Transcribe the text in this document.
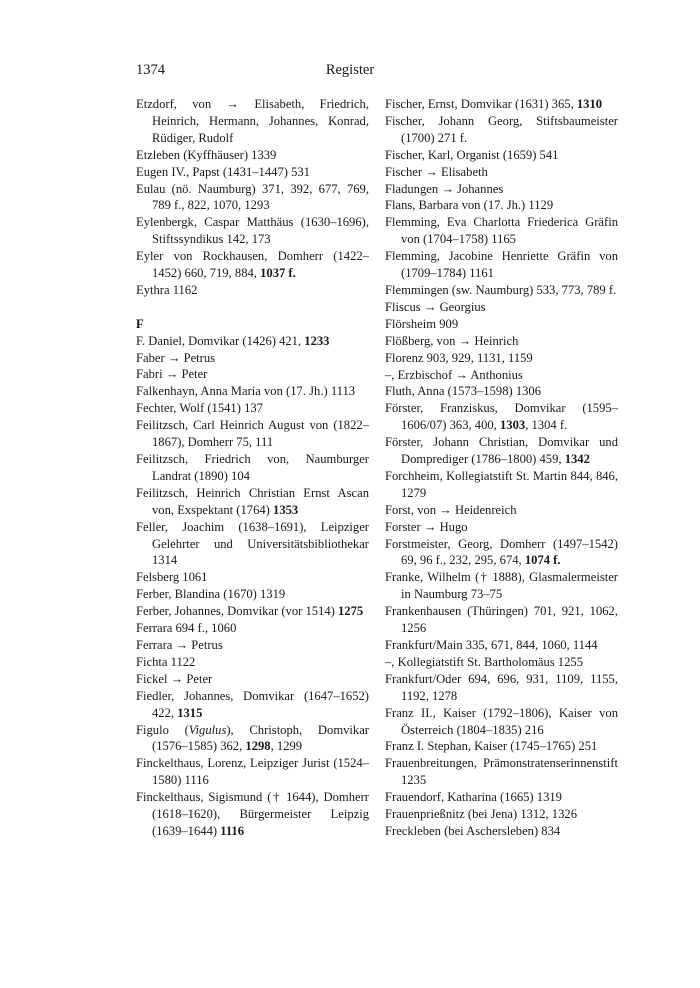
1374	Register
Etzdorf, von → Elisabeth, Friedrich, Heinrich, Hermann, Johannes, Konrad, Rüdiger, Rudolf
Etzleben (Kyffhäuser) 1339
Eugen IV., Papst (1431–1447) 531
Eulau (nö. Naumburg) 371, 392, 677, 769, 789 f., 822, 1070, 1293
Eylenbergk, Caspar Matthäus (1630–1696), Stiftssyndikus 142, 173
Eyler von Rockhausen, Domherr (1422–1452) 660, 719, 884, 1037 f.
Eythra 1162
F
F. Daniel, Domvikar (1426) 421, 1233
Faber → Petrus
Fabri → Peter
Falkenhayn, Anna Maria von (17. Jh.) 1113
Fechter, Wolf (1541) 137
Feilitzsch, Carl Heinrich August von (1822–1867), Domherr 75, 111
Feilitzsch, Friedrich von, Naumburger Landrat (1890) 104
Feilitzsch, Heinrich Christian Ernst Ascan von, Exspektant (1764) 1353
Feller, Joachim (1638–1691), Leipziger Gelehrter und Universitätsbibliothekar 1314
Felsberg 1061
Ferber, Blandina (1670) 1319
Ferber, Johannes, Domvikar (vor 1514) 1275
Ferrara 694 f., 1060
Ferrara → Petrus
Fichta 1122
Fickel → Peter
Fiedler, Johannes, Domvikar (1647–1652) 422, 1315
Figulo (Vigulus), Christoph, Domvikar (1576–1585) 362, 1298, 1299
Finckelthaus, Lorenz, Leipziger Jurist (1524–1580) 1116
Finckelthaus, Sigismund († 1644), Domherr (1618–1620), Bürgermeister Leipzig (1639–1644) 1116
Fischer, Ernst, Domvikar (1631) 365, 1310
Fischer, Johann Georg, Stiftsbaumeister (1700) 271 f.
Fischer, Karl, Organist (1659) 541
Fischer → Elisabeth
Fladungen → Johannes
Flans, Barbara von (17. Jh.) 1129
Flemming, Eva Charlotta Friederica Gräfin von (1704–1758) 1165
Flemming, Jacobine Henriette Gräfin von (1709–1784) 1161
Flemmingen (sw. Naumburg) 533, 773, 789 f.
Fliscus → Georgius
Flörsheim 909
Flößberg, von → Heinrich
Florenz 903, 929, 1131, 1159
–, Erzbischof → Anthonius
Fluth, Anna (1573–1598) 1306
Förster, Franziskus, Domvikar (1595–1606/07) 363, 400, 1303, 1304 f.
Förster, Johann Christian, Domvikar und Domprediger (1786–1800) 459, 1342
Forchheim, Kollegiatstift St. Martin 844, 846, 1279
Forst, von → Heidenreich
Forster → Hugo
Forstmeister, Georg, Domherr (1497–1542) 69, 96 f., 232, 295, 674, 1074 f.
Franke, Wilhelm († 1888), Glasmalermeister in Naumburg 73–75
Frankenhausen (Thüringen) 701, 921, 1062, 1256
Frankfurt/Main 335, 671, 844, 1060, 1144
–, Kollegiatstift St. Bartholomäus 1255
Frankfurt/Oder 694, 696, 931, 1109, 1155, 1192, 1278
Franz II., Kaiser (1792–1806), Kaiser von Österreich (1804–1835) 216
Franz I. Stephan, Kaiser (1745–1765) 251
Frauenbreitungen, Prämonstratenserinnenstift 1235
Frauendorf, Katharina (1665) 1319
Frauenprießnitz (bei Jena) 1312, 1326
Freckleben (bei Aschersleben) 834
